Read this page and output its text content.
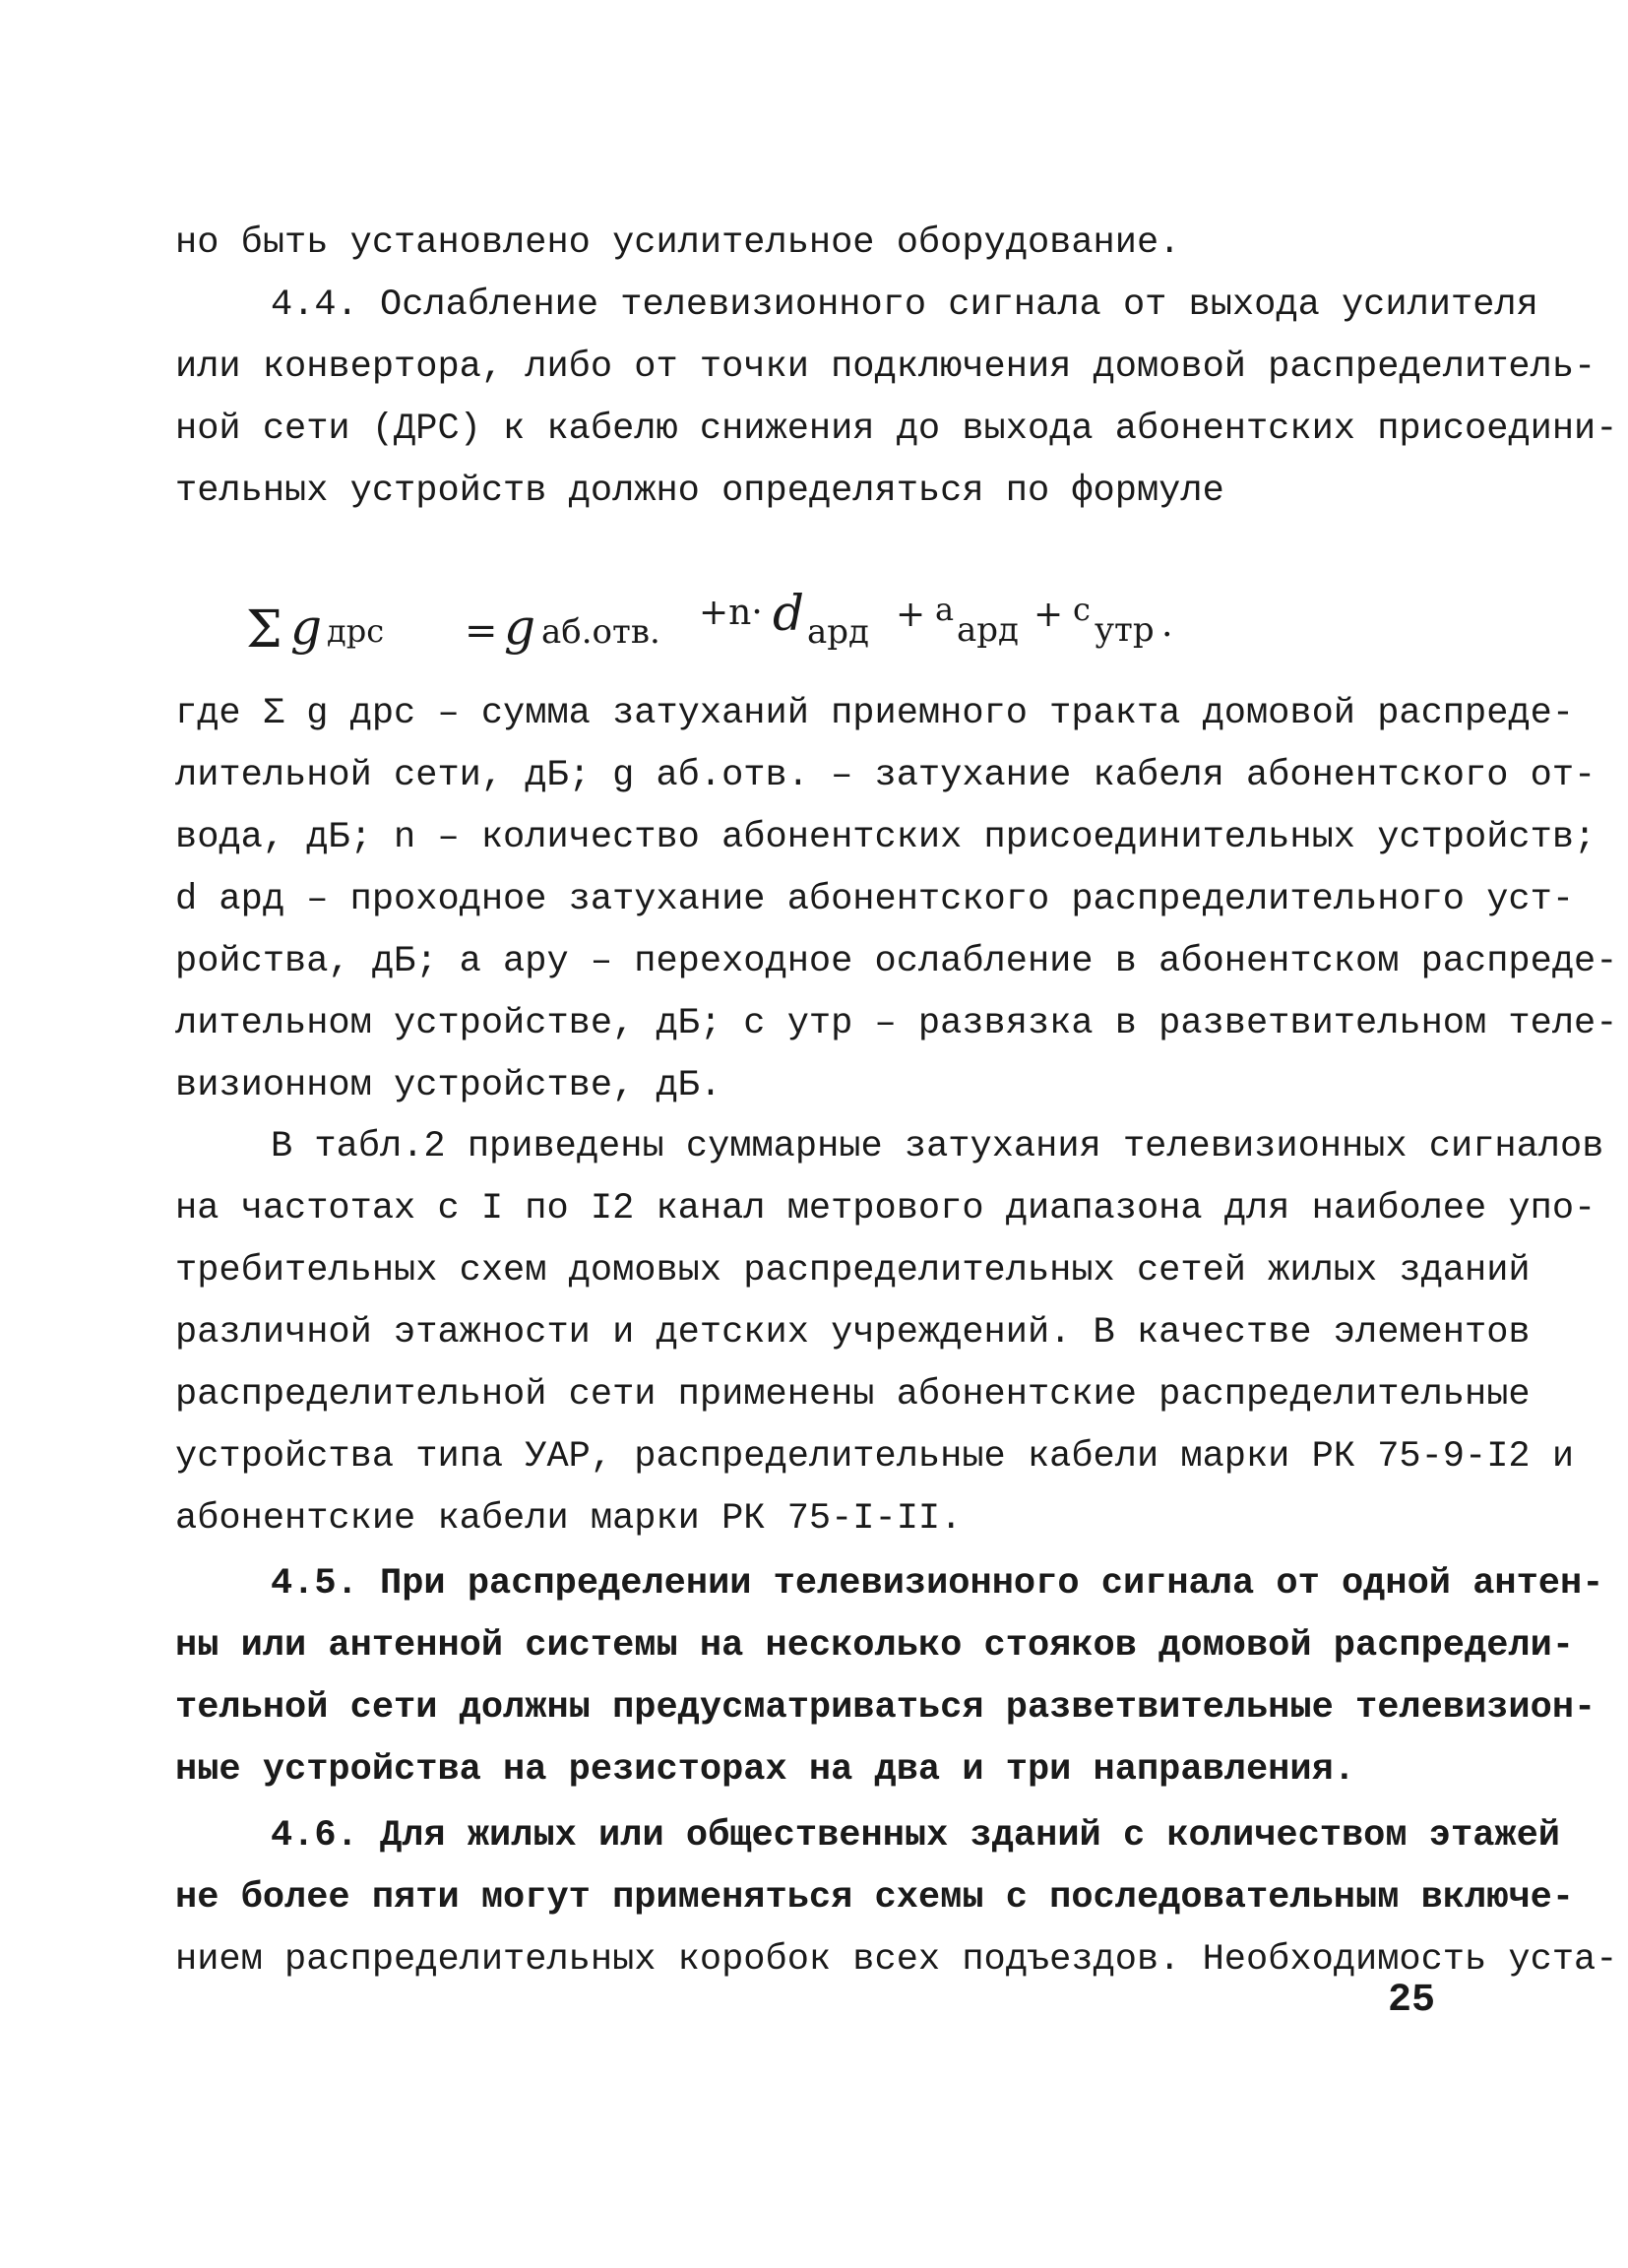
но быть установлено усилительное оборудование.
4.4. Ослабление телевизионного сигнала от выхода усилителя
или конвертора, либо от точки подключения домовой распределитель-
ной сети (ДРС) к кабелю снижения до выхода абонентских присоедини-
тельных устройств должно определяться по формуле
Σ g дрс = g аб.отв. +n· d ард + a
ард + c
утр .
где Σ g дрс – сумма затуханий приемного тракта домовой распреде-
лительной сети, дБ; g аб.отв. – затухание кабеля абонентского от-
вода, дБ; n – количество абонентских присоединительных устройств;
d ард – проходное затухание абонентского распределительного уст-
ройства, дБ; a ару – переходное ослабление в абонентском распреде-
лительном устройстве, дБ; c утр – развязка в разветвительном теле-
визионном устройстве, дБ.
В табл.2 приведены суммарные затухания телевизионных сигналов
на частотах с I по I2 канал метрового диапазона для наиболее упо-
требительных схем домовых распределительных сетей жилых зданий
различной этажности и детских учреждений. В качестве элементов
распределительной сети применены абонентские распределительные
устройства типа УАР, распределительные кабели марки РК 75-9-I2 и
абонентские кабели марки РК 75-I-II.
4.5. При распределении телевизионного сигнала от одной антен-
ны или антенной системы на несколько стояков домовой распредели-
тельной сети должны предусматриваться разветвительные телевизион-
ные устройства на резисторах на два и три направления.
4.6. Для жилых или общественных зданий с количеством этажей
не более пяти могут применяться схемы с последовательным включе-
нием распределительных коробок всех подъездов. Необходимость уста-
25
